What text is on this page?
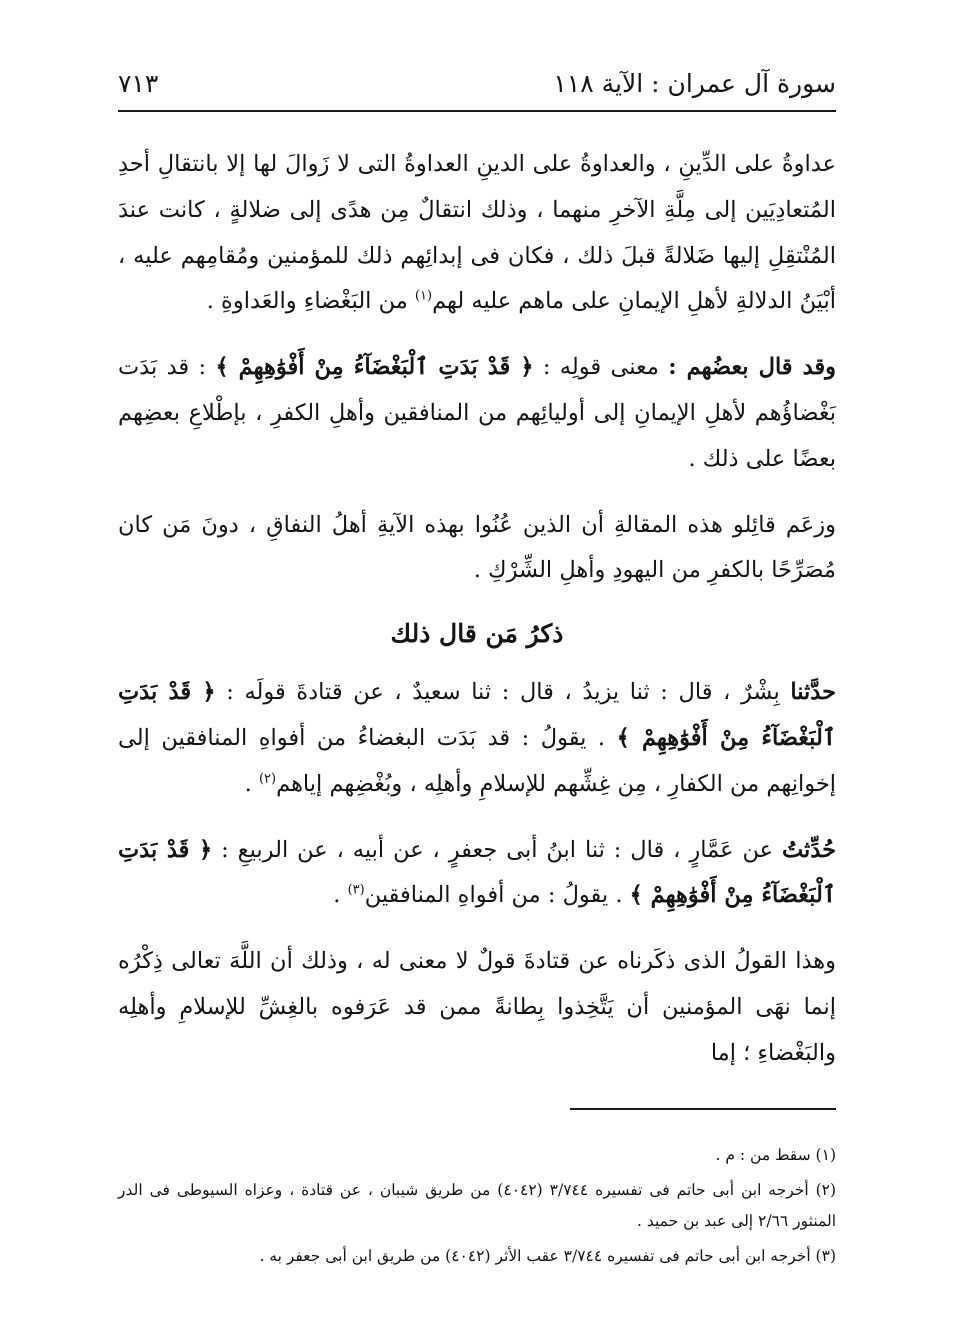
سورة آل عمران : الآية ١١٨
٧١٣

عداوةُ على الدِّينِ ، والعداوةُ على الدينِ العداوةُ التى لا زَوالَ لها إلا بانتقالِ أحدِ المُتعادِيَين إلى مِلَّةِ الآخرِ منهما ، وذلك انتقالٌ مِن هدًى إلى ضلالةٍ ، كانت عندَ المُنْتقِلِ إليها ضَلالةً قبلَ ذلك ، فكان فى إبدائِهم ذلك للمؤمنين ومُقامِهم عليه ، أبْيَنُ الدلالةِ لأهلِ الإيمانِ على ماهم عليه لهم$^{(١)}$ من البَغْضاءِ والعَداوةِ .

وقد قال بعضُهم : معنى قولِه : ﴿ قَدْ بَدَتِ ٱلْبَغْضَآءُ مِنْ أَفْوَٰهِهِمْ ﴾ : قد بَدَت بَغْضاؤُهم لأهلِ الإيمانِ إلى أوليائِهم من المنافقين وأهلِ الكفرِ ، بإطْلاعِ بعضِهم بعضًا على ذلك .

وزعَم قائِلو هذه المقالةِ أن الذين عُنُوا بهذه الآيةِ أهلُ النفاقِ ، دونَ مَن كان مُصَرِّحًا بالكفرِ من اليهودِ وأهلِ الشِّرْكِ .

ذكرُ مَن قال ذلك

حدَّثنا بِشْرٌ ، قال : ثنا يزيدُ ، قال : ثنا سعيدٌ ، عن قتادةَ قولَه : ﴿ قَدْ بَدَتِ ٱلْبَغْضَآءُ مِنْ أَفْوَٰهِهِمْ ﴾ . يقولُ : قد بَدَت البغضاءُ من أفواهِ المنافقين إلى إخوانِهم من الكفارِ ، مِن غِشِّهم للإسلامِ وأهلِه ، وبُغْضِهم إياهم$^{(٢)}$ .

حُدِّثتُ عن عَمَّارٍ ، قال : ثنا ابنُ أبى جعفرٍ ، عن أبيه ، عن الربيعِ : ﴿ قَدْ بَدَتِ ٱلْبَغْضَآءُ مِنْ أَفْوَٰهِهِمْ ﴾ . يقولُ : من أفواهِ المنافقين$^{(٣)}$ .

وهذا القولُ الذى ذكَرناه عن قتادةَ قولٌ لا معنى له ، وذلك أن اللَّهَ تعالى ذِكْرُه إنما نهَى المؤمنين أن يَتَّخِذوا بِطانةً ممن قد عَرَفوه بالغِشِّ للإسلامِ وأهلِه والبَغْضاءِ ؛ إما

(١) سقط من : م .
(٢) أخرجه ابن أبى حاتم فى تفسيره ٣/٧٤٤ (٤٠٤٢) من طريق شيبان ، عن قتادة ، وعزاه السيوطى فى الدر المنثور ٢/٦٦ إلى عبد بن حميد .
(٣) أخرجه ابن أبى حاتم فى تفسيره ٣/٧٤٤ عقب الأثر (٤٠٤٢) من طريق ابن أبى جعفر به .
